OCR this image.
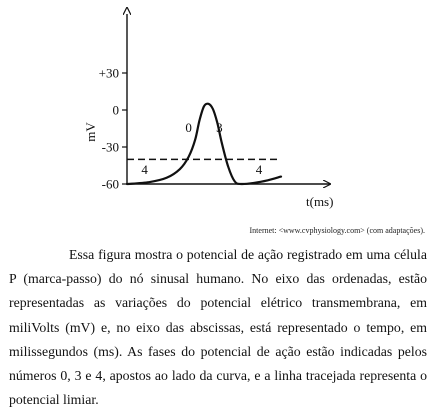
+30
0
-30
-60
4
0 3
4
mV
t(ms)
Internet: <www.cvphysiology.com> (com adaptações).

Essa figura mostra o potencial de ação registrado em uma célula P (marca-passo) do nó sinusal humano. No eixo das ordenadas, estão representadas as variações do potencial elétrico transmembrana, em miliVolts (mV) e, no eixo das abscissas, está representado o tempo, em milissegundos (ms). As fases do potencial de ação estão indicadas pelos números 0, 3 e 4, apostos ao lado da curva, e a linha tracejada representa o potencial limiar.
